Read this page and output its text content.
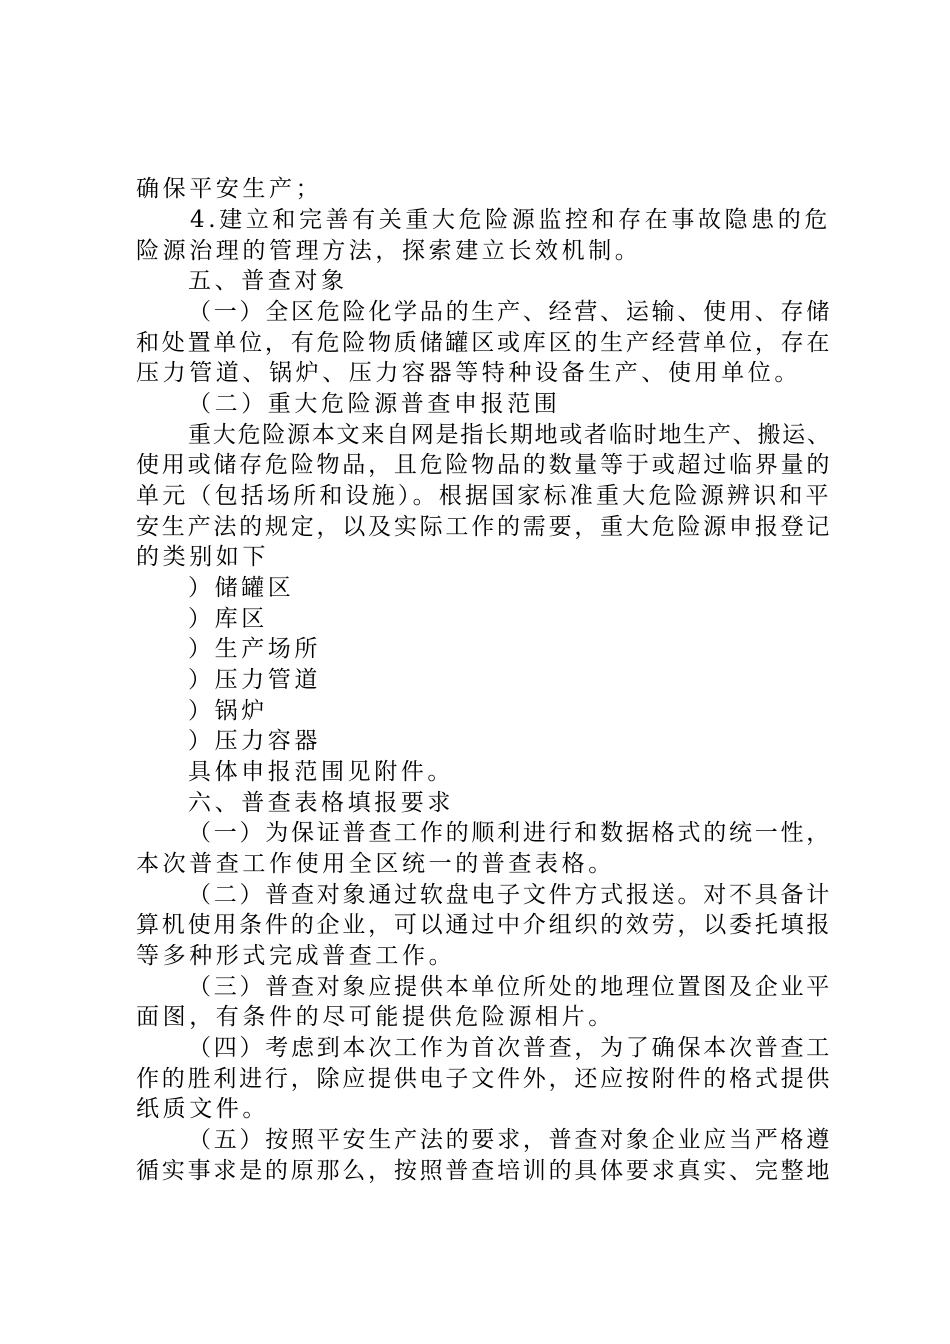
确保平安生产；
4.建立和完善有关重大危险源监控和存在事故隐患的危
险源治理的管理方法，探索建立长效机制。
五、普查对象
（一）全区危险化学品的生产、经营、运输、使用、存储
和处置单位，有危险物质储罐区或库区的生产经营单位，存在
压力管道、锅炉、压力容器等特种设备生产、使用单位。
（二）重大危险源普查申报范围
重大危险源本文来自网是指长期地或者临时地生产、搬运、
使用或储存危险物品，且危险物品的数量等于或超过临界量的
单元（包括场所和设施）。根据国家标准重大危险源辨识和平
安生产法的规定，以及实际工作的需要，重大危险源申报登记
的类别如下
）储罐区
）库区
）生产场所
）压力管道
）锅炉
）压力容器
具体申报范围见附件。
六、普查表格填报要求
（一）为保证普查工作的顺利进行和数据格式的统一性，
本次普查工作使用全区统一的普查表格。
（二）普查对象通过软盘电子文件方式报送。对不具备计
算机使用条件的企业，可以通过中介组织的效劳，以委托填报
等多种形式完成普查工作。
（三）普查对象应提供本单位所处的地理位置图及企业平
面图，有条件的尽可能提供危险源相片。
（四）考虑到本次工作为首次普查，为了确保本次普查工
作的胜利进行，除应提供电子文件外，还应按附件的格式提供
纸质文件。
（五）按照平安生产法的要求，普查对象企业应当严格遵
循实事求是的原那么，按照普查培训的具体要求真实、完整地
